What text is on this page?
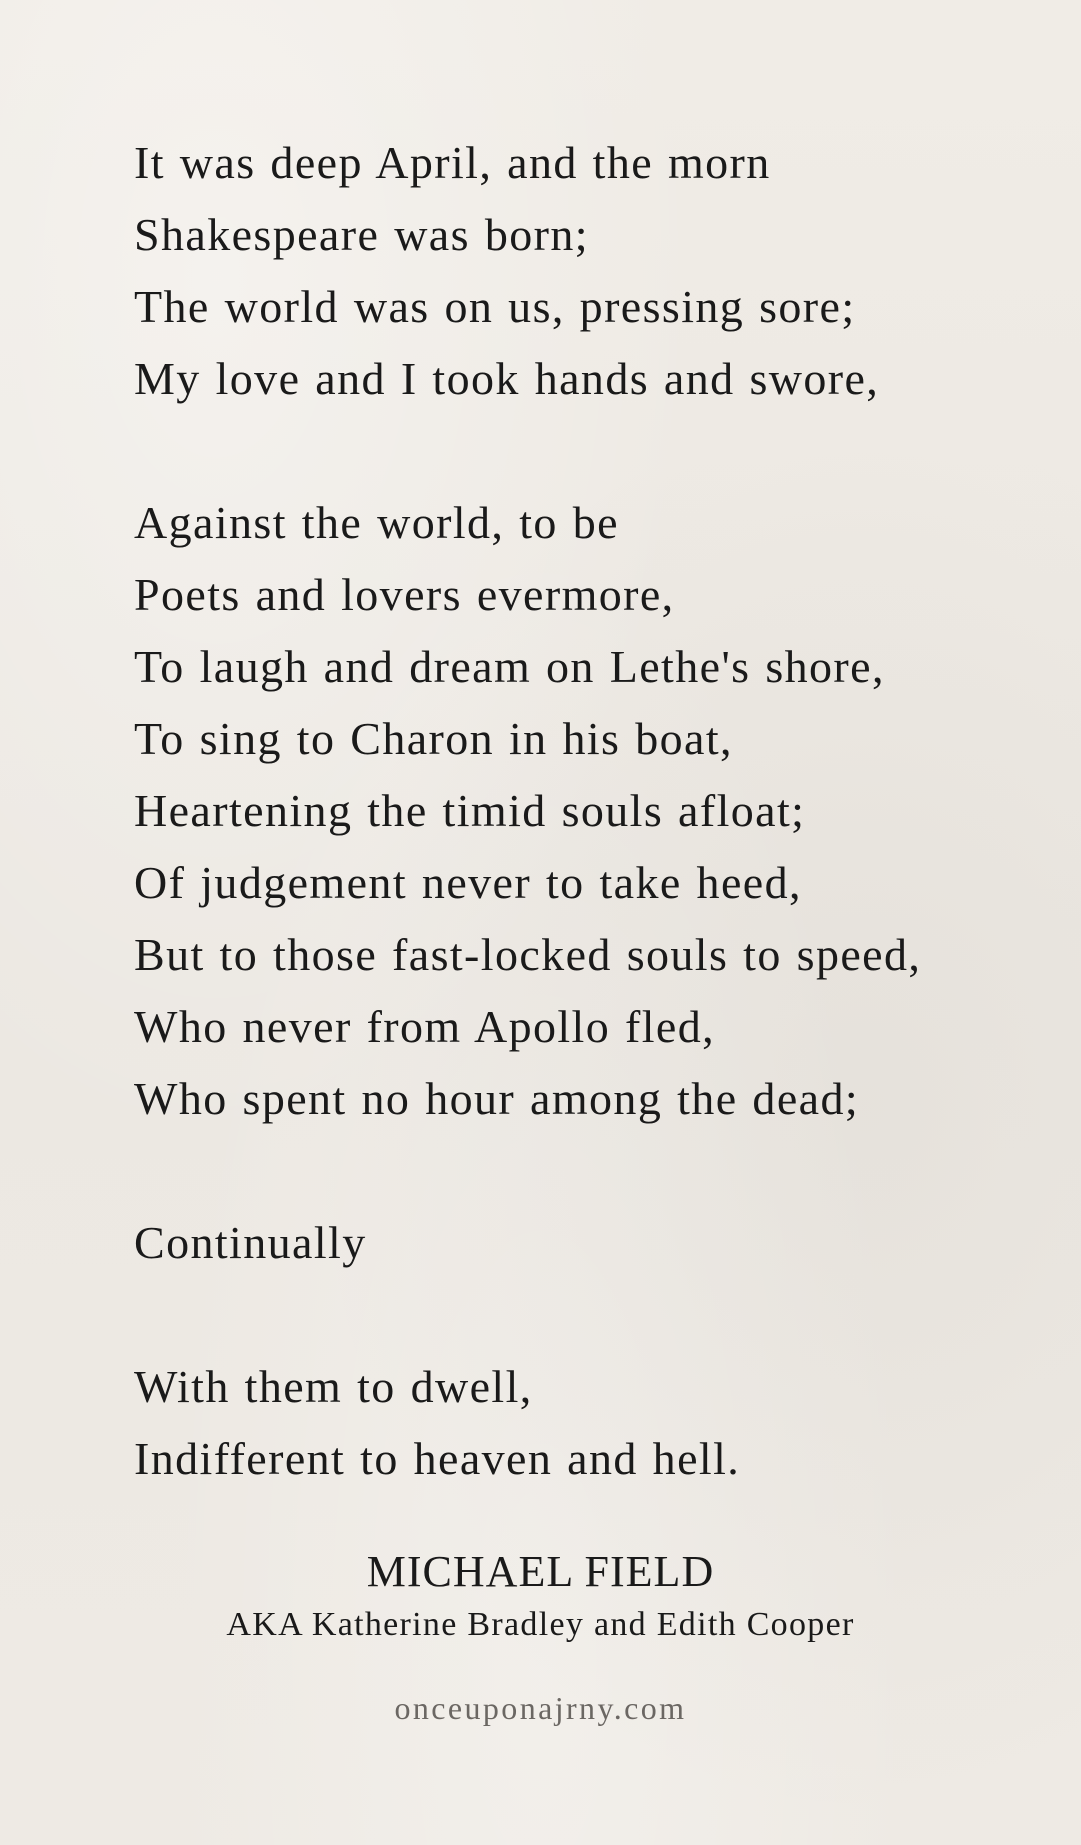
It was deep April, and the morn
Shakespeare was born;
The world was on us, pressing sore;
My love and I took hands and swore,
Against the world, to be
Poets and lovers evermore,
To laugh and dream on Lethe's shore,
To sing to Charon in his boat,
Heartening the timid souls afloat;
Of judgement never to take heed,
But to those fast-locked souls to speed,
Who never from Apollo fled,
Who spent no hour among the dead;
Continually
With them to dwell,
Indifferent to heaven and hell.
MICHAEL FIELD
AKA Katherine Bradley and Edith Cooper
onceuponajrny.com
